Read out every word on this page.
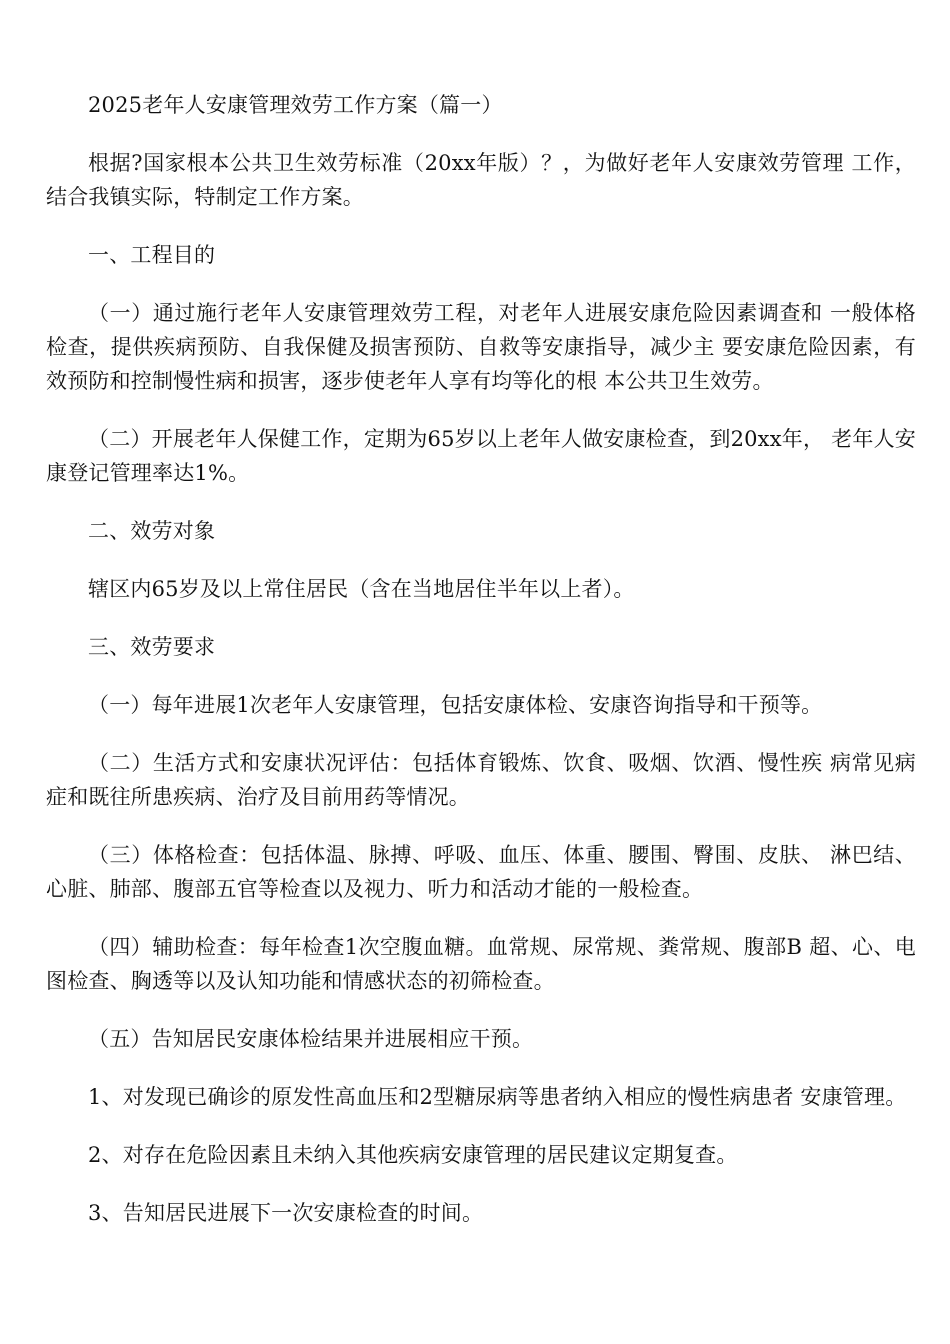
2025老年人安康管理效劳工作方案（篇一）

根据?国家根本公共卫生效劳标准（20xx年版）？，为做好老年人安康效劳管理 工作，结合我镇实际，特制定工作方案。

一、工程目的

（一）通过施行老年人安康管理效劳工程，对老年人进展安康危险因素调查和 一般体格检查，提供疾病预防、自我保健及损害预防、自救等安康指导，减少主 要安康危险因素，有效预防和控制慢性病和损害，逐步使老年人享有均等化的根 本公共卫生效劳。

（二）开展老年人保健工作，定期为65岁以上老年人做安康检查，到20xx年， 老年人安康登记管理率达1%。

二、效劳对象

辖区内65岁及以上常住居民（含在当地居住半年以上者）。

三、效劳要求

（一）每年进展1次老年人安康管理，包括安康体检、安康咨询指导和干预等。

（二）生活方式和安康状况评估：包括体育锻炼、饮食、吸烟、饮酒、慢性疾 病常见病症和既往所患疾病、治疗及目前用药等情况。

（三）体格检查：包括体温、脉搏、呼吸、血压、体重、腰围、臀围、皮肤、 淋巴结、心脏、肺部、腹部五官等检查以及视力、听力和活动才能的一般检查。

（四）辅助检查：每年检查1次空腹血糖。血常规、尿常规、粪常规、腹部B 超、心、电图检查、胸透等以及认知功能和情感状态的初筛检查。

（五）告知居民安康体检结果并进展相应干预。

1、对发现已确诊的原发性高血压和2型糖尿病等患者纳入相应的慢性病患者 安康管理。

2、对存在危险因素且未纳入其他疾病安康管理的居民建议定期复查。

3、告知居民进展下一次安康检查的时间。
